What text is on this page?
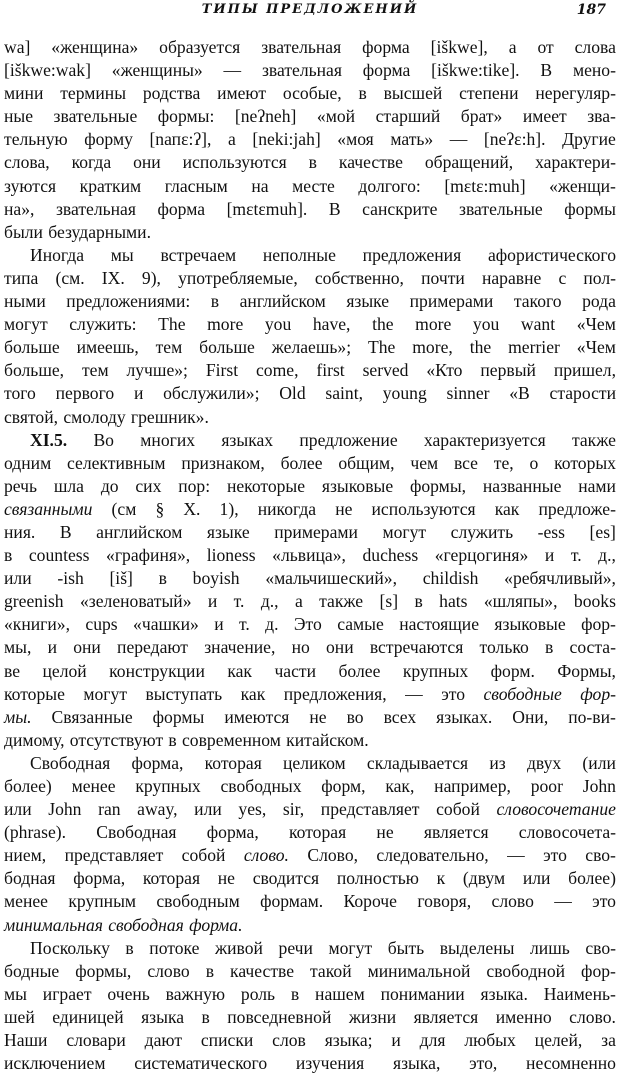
ТИПЫ ПРЕДЛОЖЕНИЙ	187
wa] «женщина» образуется звательная форма [iškwe], а от слова
[iškwe:wak] «женщины» — звательная форма [iškwe:tike]. В мено-
мини термины родства имеют особые, в высшей степени нерегуляр-
ные звательные формы: [neʔneh] «мой старший брат» имеет зва-
тельную форму [nапɛ:ʔ], а [neki:jah] «моя мать» — [neʔɛ:h]. Другие
слова, когда они используются в качестве обращений, характери-
зуются кратким гласным на месте долгого: [mɛtɛ:muh] «женщи-
на», звательная форма [mɛtɛmuh]. В санскрите звательные формы
были безударными.
Иногда мы встречаем неполные предложения афористического
типа (см. IX. 9), употребляемые, собственно, почти наравне с пол-
ными предложениями: в английском языке примерами такого рода
могут служить: The more you have, the more you want «Чем
больше имеешь, тем больше желаешь»; The more, the merrier «Чем
больше, тем лучше»; First come, first served «Кто первый пришел,
того первого и обслужили»; Old saint, young sinner «В старости
святой, смолоду грешник».
XI.5. Во многих языках предложение характеризуется также
одним селективным признаком, более общим, чем все те, о которых
речь шла до сих пор: некоторые языковые формы, названные нами
связанными (см § X. 1), никогда не используются как предложе-
ния. В английском языке примерами могут служить -ess [es]
в countess «графиня», lioness «львица», duchess «герцогиня» и т. д.,
или -ish [iš] в boyish «мальчишеский», childish «ребячливый»,
greenish «зеленоватый» и т. д., а также [s] в hats «шляпы», books
«книги», cups «чашки» и т. д. Это самые настоящие языковые фор-
мы, и они передают значение, но они встречаются только в соста-
ве целой конструкции как части более крупных форм. Формы,
которые могут выступать как предложения, — это свободные фор-
мы. Связанные формы имеются не во всех языках. Они, по-ви-
димому, отсутствуют в современном китайском.
Свободная форма, которая целиком складывается из двух (или
более) менее крупных свободных форм, как, например, poor John
или John ran away, или yes, sir, представляет собой словосочетание
(phrase). Свободная форма, которая не является словосочета-
нием, представляет собой слово. Слово, следовательно, — это сво-
бодная форма, которая не сводится полностью к (двум или более)
менее крупным свободным формам. Короче говоря, слово — это
минимальная свободная форма.
Поскольку в потоке живой речи могут быть выделены лишь сво-
бодные формы, слово в качестве такой минимальной свободной фор-
мы играет очень важную роль в нашем понимании языка. Наимень-
шей единицей языка в повседневной жизни является именно слово.
Наши словари дают списки слов языка; и для любых целей, за
исключением систематического изучения языка, это, несомненно
